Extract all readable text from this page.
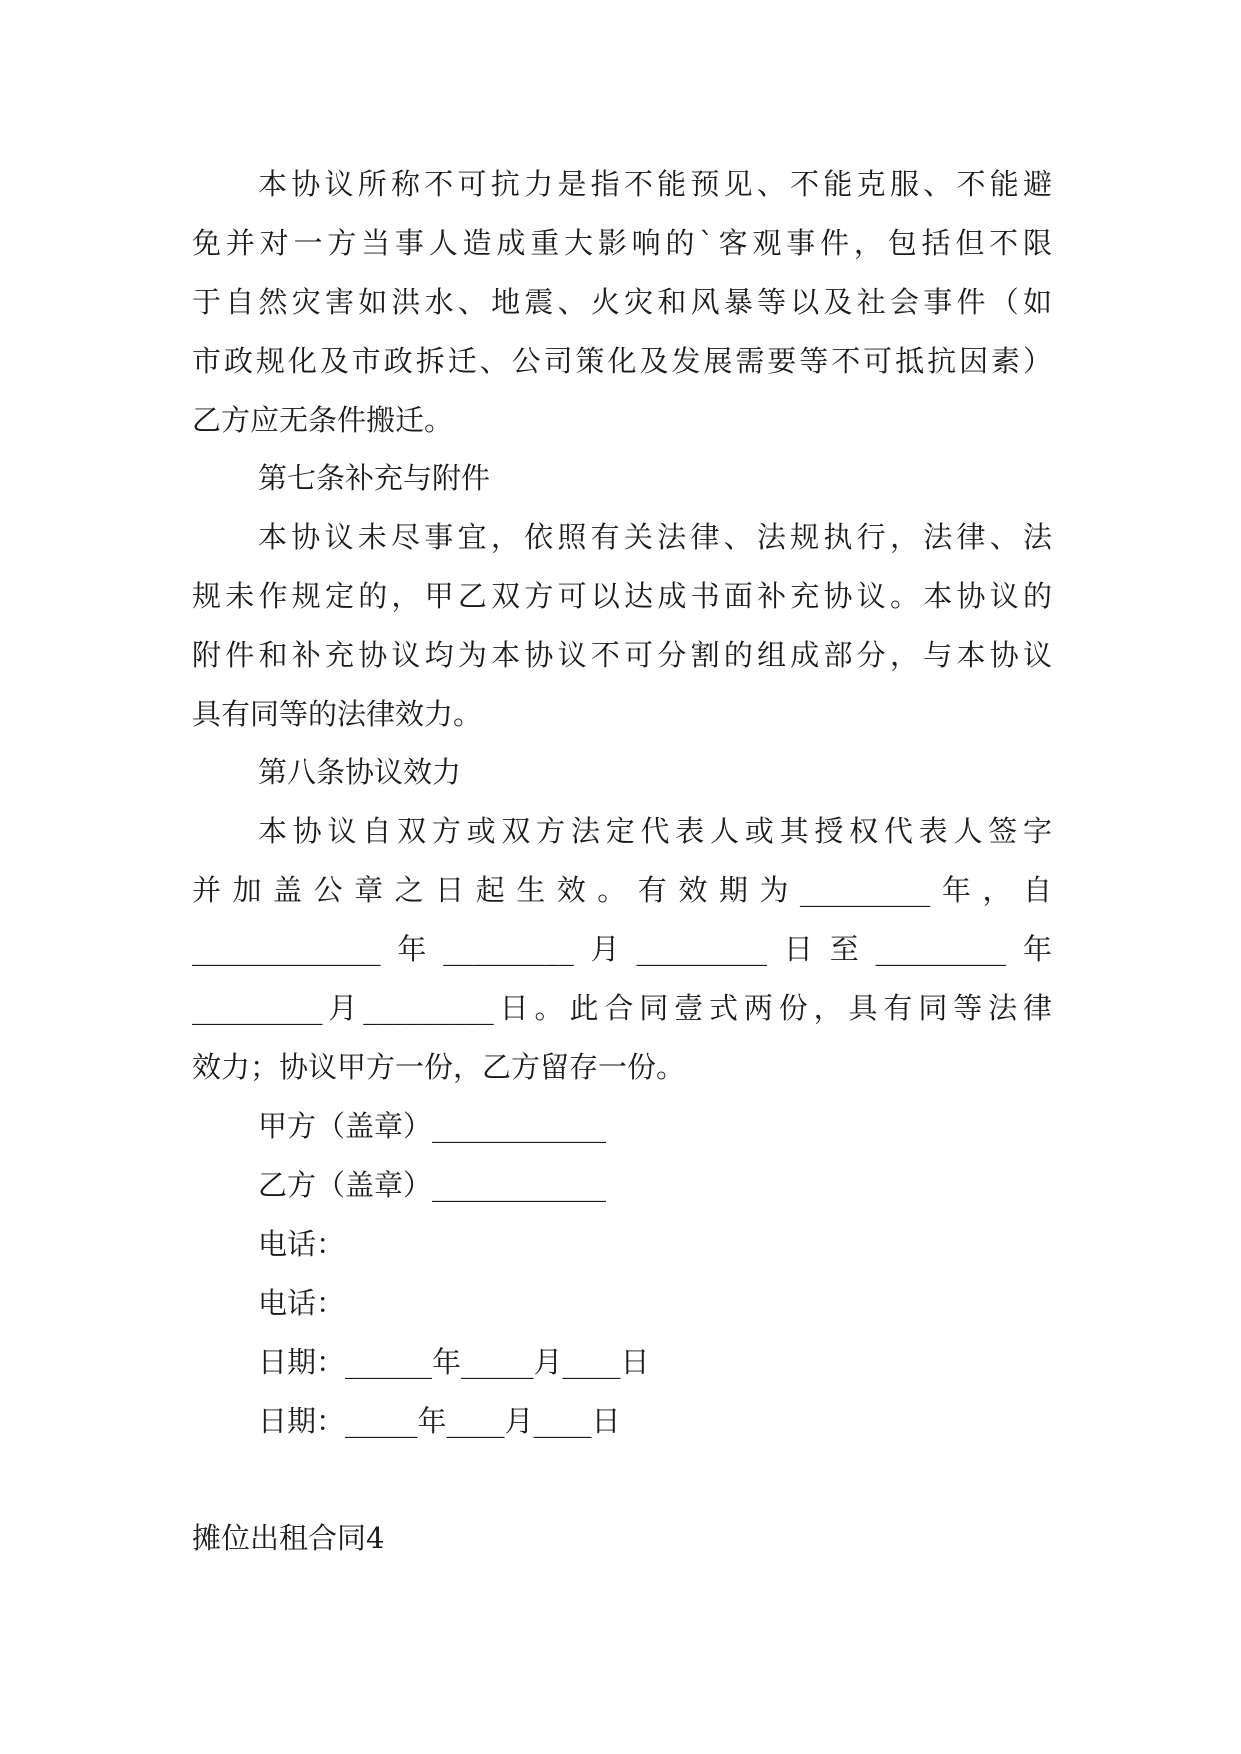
本协议所称不可抗力是指不能预见、不能克服、不能避
免并对一方当事人造成重大影响的`客观事件，包括但不限
于自然灾害如洪水、地震、火灾和风暴等以及社会事件（如
市政规化及市政拆迁、公司策化及发展需要等不可抵抗因素）
乙方应无条件搬迁。
第七条补充与附件
本协议未尽事宜，依照有关法律、法规执行，法律、法
规未作规定的，甲乙双方可以达成书面补充协议。本协议的
附件和补充协议均为本协议不可分割的组成部分，与本协议
具有同等的法律效力。
第八条协议效力
本协议自双方或双方法定代表人或其授权代表人签字
并加盖公章之日起生效。有效期为_________年，自
_____________年_________月_________日至_________年
_________月_________日。此合同壹式两份，具有同等法律
效力；协议甲方一份，乙方留存一份。
甲方（盖章）____________
乙方（盖章）____________
电话：
电话：
日期：______年_____月____日
日期：_____年____月____日
摊位出租合同4
